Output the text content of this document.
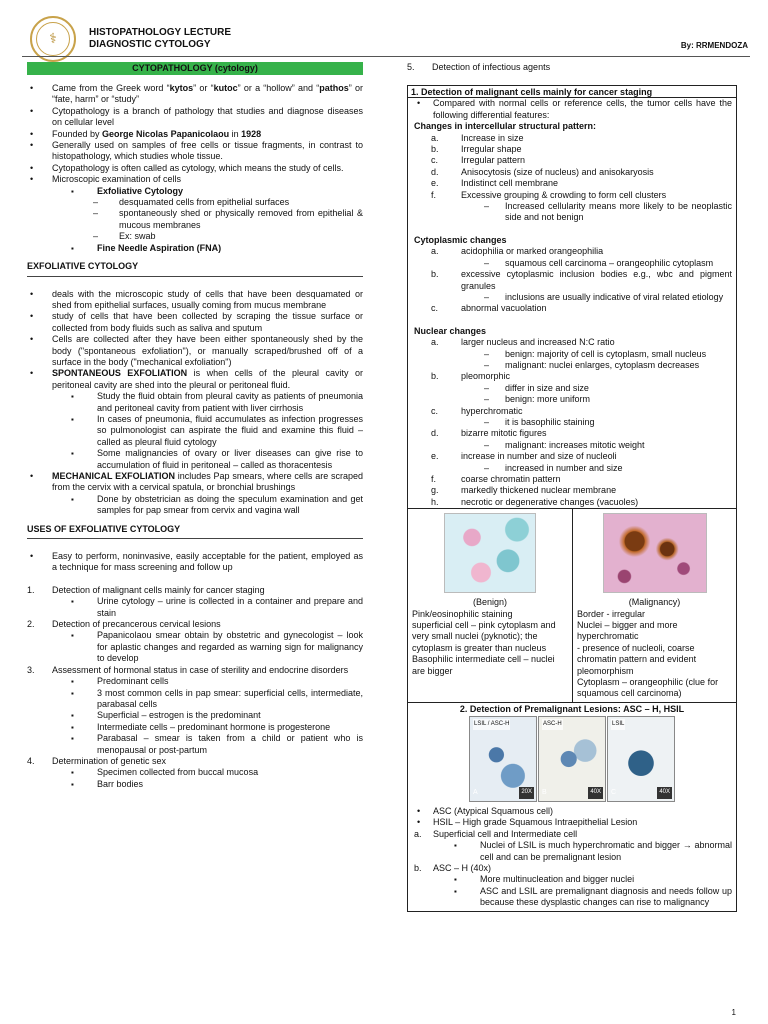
⚕	HISTOPATHOLOGY LECTURE
DIAGNOSTIC CYTOLOGY	By: RRMENDOZA
CYTOPATHOLOGY (cytology)
• Came from the Greek word “kytos” or “kutoc” or a “hollow” and “pathos” or “fate, harm” or “study”
• Cytopathology is a branch of pathology that studies and diagnose diseases on cellular level
• Founded by George Nicolas Papanicolaou in 1928
• Generally used on samples of free cells or tissue fragments, in contrast to histopathology, which studies whole tissue.
• Cytopathology is often called as cytology, which means the study of cells.
• Microscopic examination of cells
▪ Exfoliative Cytology
– desquamated cells from epithelial surfaces
– spontaneously shed or physically removed from epithelial & mucous membranes
– Ex: swab
▪ Fine Needle Aspiration (FNA)
EXFOLIATIVE CYTOLOGY
• deals with the microscopic study of cells that have been desquamated or shed from epithelial surfaces, usually coming from mucus membrane
• study of cells that have been collected by scraping the tissue surface or collected from body fluids such as saliva and sputum
• Cells are collected after they have been either spontaneously shed by the body ("spontaneous exfoliation"), or manually scraped/brushed off of a surface in the body ("mechanical exfoliation")
• SPONTANEOUS EXFOLIATION is when cells of the pleural cavity or peritoneal cavity are shed into the pleural or peritoneal fluid.
▪ Study the fluid obtain from pleural cavity as patients of pneumonia and peritoneal cavity from patient with liver cirrhosis
▪ In cases of pneumonia, fluid accumulates as infection progresses so pulmonologist can aspirate the fluid and examine this fluid – called as pleural fluid cytology
▪ Some malignancies of ovary or liver diseases can give rise to accumulation of fluid in peritoneal – called as thoracentesis
• MECHANICAL EXFOLIATION includes Pap smears, where cells are scraped from the cervix with a cervical spatula, or bronchial brushings
▪ Done by obstetrician as doing the speculum examination and get samples for pap smear from cervix and vagina wall
USES OF EXFOLIATIVE CYTOLOGY
• Easy to perform, noninvasive, easily acceptable for the patient, employed as a technique for mass screening and follow up
1. Detection of malignant cells mainly for cancer staging
▪ Urine cytology – urine is collected in a container and prepare and stain
2. Detection of precancerous cervical lesions
▪ Papanicolaou smear obtain by obstetric and gynecologist – look for aplastic changes and regarded as warning sign for malignancy to develop
3. Assessment of hormonal status in case of sterility and endocrine disorders
▪ Predominant cells
▪ 3 most common cells in pap smear: superficial cells, intermediate, parabasal cells
▪ Superficial – estrogen is the predominant
▪ Intermediate cells – predominant hormone is progesterone
▪ Parabasal – smear is taken from a child or patient who is menopausal or post-partum
4. Determination of genetic sex
▪ Specimen collected from buccal mucosa
▪ Barr bodies
5. Detection of infectious agents
1. Detection of malignant cells mainly for cancer staging
• Compared with normal cells or reference cells, the tumor cells have the following differential features:
Changes in intercellular structural pattern:
a. Increase in size
b. Irregular shape
c.	Irregular pattern
d. Anisocytosis (size of nucleus) and anisokaryosis
e. Indistinct cell membrane
f.	Excessive grouping & crowding to form cell clusters
– Increased cellularity means more likely to be neoplastic side and not benign
Cytoplasmic changes
a. acidophilia or marked orangeophilia
– squamous cell carcinoma – orangeophilic cytoplasm
b. excessive cytoplasmic inclusion bodies e.g., wbc and pigment granules
– inclusions are usually indicative of viral related etiology
c.	abnormal vacuolation
Nuclear changes
a. larger nucleus and increased N:C ratio
– benign: majority of cell is cytoplasm, small nucleus
– malignant: nuclei enlarges, cytoplasm decreases
b. pleomorphic
– differ in size and size
– benign: more uniform
c.	hyperchromatic
– it is basophilic staining
d. bizarre mitotic figures
– malignant: increases mitotic weight
e. increase in number and size of nucleoli
– increased in number and size
f.	coarse chromatin pattern
g. markedly thickened nuclear membrane
h. necrotic or degenerative changes (vacuoles)
(Benign)
Pink/eosinophilic staining
superficial cell – pink cytoplasm and very small nuclei (pyknotic); the cytoplasm is greater than nucleus
Basophilic intermediate cell – nuclei are bigger
(Malignancy)
Border - irregular
Nuclei – bigger and more hyperchromatic
- presence of nucleoli, coarse chromatin pattern and evident pleomorphism
Cytoplasm – orangeophilic (clue for squamous cell carcinoma)
2. Detection of Premalignant Lesions: ASC – H, HSIL
LSIL / ASC-H
A	20X
ASC-H
B	40X
LSIL
C	40X
• ASC (Atypical Squamous cell)
• HSIL – High grade Squamous Intraepithelial Lesion
a. Superficial cell and Intermediate cell
▪ Nuclei of LSIL is much hyperchromatic and bigger → abnormal cell and can be premalignant lesion
b. ASC – H (40x)
▪ More multinucleation and bigger nuclei
▪ ASC and LSIL are premalignant diagnosis and needs follow up because these dysplastic changes can rise to malignancy
1
